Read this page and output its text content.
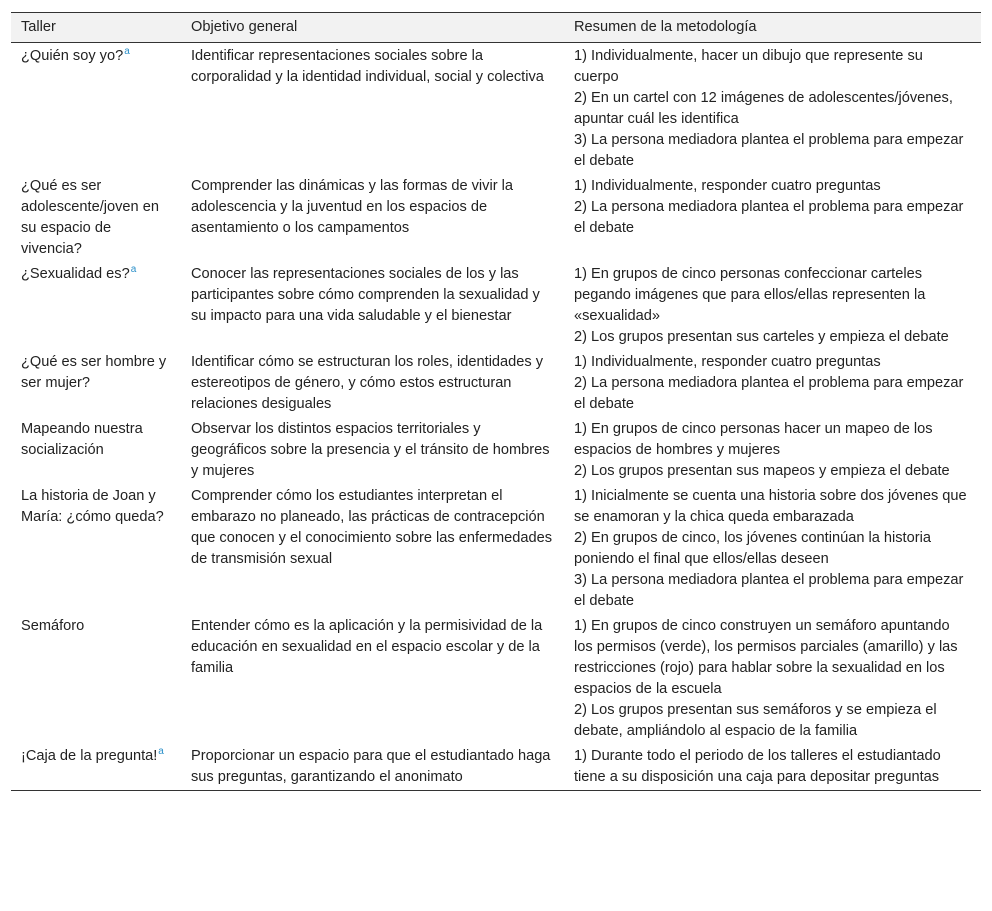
Taller	Objetivo general	Resumen de la metodología
¿Quién soy yo?$^a$	Identificar representaciones sociales sobre la corporalidad y la identidad individual, social y colectiva	1) Individualmente, hacer un dibujo que represente su cuerpo
2) En un cartel con 12 imágenes de adolescentes/jóvenes, apuntar cuál les identifica
3) La persona mediadora plantea el problema para empezar el debate

¿Qué es ser adolescente/joven en su espacio de vivencia?	Comprender las dinámicas y las formas de vivir la adolescencia y la juventud en los espacios de asentamiento o los campamentos	1) Individualmente, responder cuatro preguntas
2) La persona mediadora plantea el problema para empezar el debate

¿Sexualidad es?$^a$	Conocer las representaciones sociales de los y las participantes sobre cómo comprenden la sexualidad y su impacto para una vida saludable y el bienestar	1) En grupos de cinco personas confeccionar carteles pegando imágenes que para ellos/ellas representen la «sexualidad»
2) Los grupos presentan sus carteles y empieza el debate

¿Qué es ser hombre y ser mujer?	Identificar cómo se estructuran los roles, identidades y estereotipos de género, y cómo estos estructuran relaciones desiguales	1) Individualmente, responder cuatro preguntas
2) La persona mediadora plantea el problema para empezar el debate

Mapeando nuestra socialización	Observar los distintos espacios territoriales y geográficos sobre la presencia y el tránsito de hombres y mujeres	1) En grupos de cinco personas hacer un mapeo de los espacios de hombres y mujeres
2) Los grupos presentan sus mapeos y empieza el debate

La historia de Joan y María: ¿cómo queda?	Comprender cómo los estudiantes interpretan el embarazo no planeado, las prácticas de contracepción que conocen y el conocimiento sobre las enfermedades de transmisión sexual	1) Inicialmente se cuenta una historia sobre dos jóvenes que se enamoran y la chica queda embarazada
2) En grupos de cinco, los jóvenes continúan la historia poniendo el final que ellos/ellas deseen
3) La persona mediadora plantea el problema para empezar el debate

Semáforo	Entender cómo es la aplicación y la permisividad de la educación en sexualidad en el espacio escolar y de la familia	1) En grupos de cinco construyen un semáforo apuntando los permisos (verde), los permisos parciales (amarillo) y las restricciones (rojo) para hablar sobre la sexualidad en los espacios de la escuela
2) Los grupos presentan sus semáforos y se empieza el debate, ampliándolo al espacio de la familia

¡Caja de la pregunta!$^a$	Proporcionar un espacio para que el estudiantado haga sus preguntas, garantizando el anonimato	1) Durante todo el periodo de los talleres el estudiantado tiene a su disposición una caja para depositar preguntas
